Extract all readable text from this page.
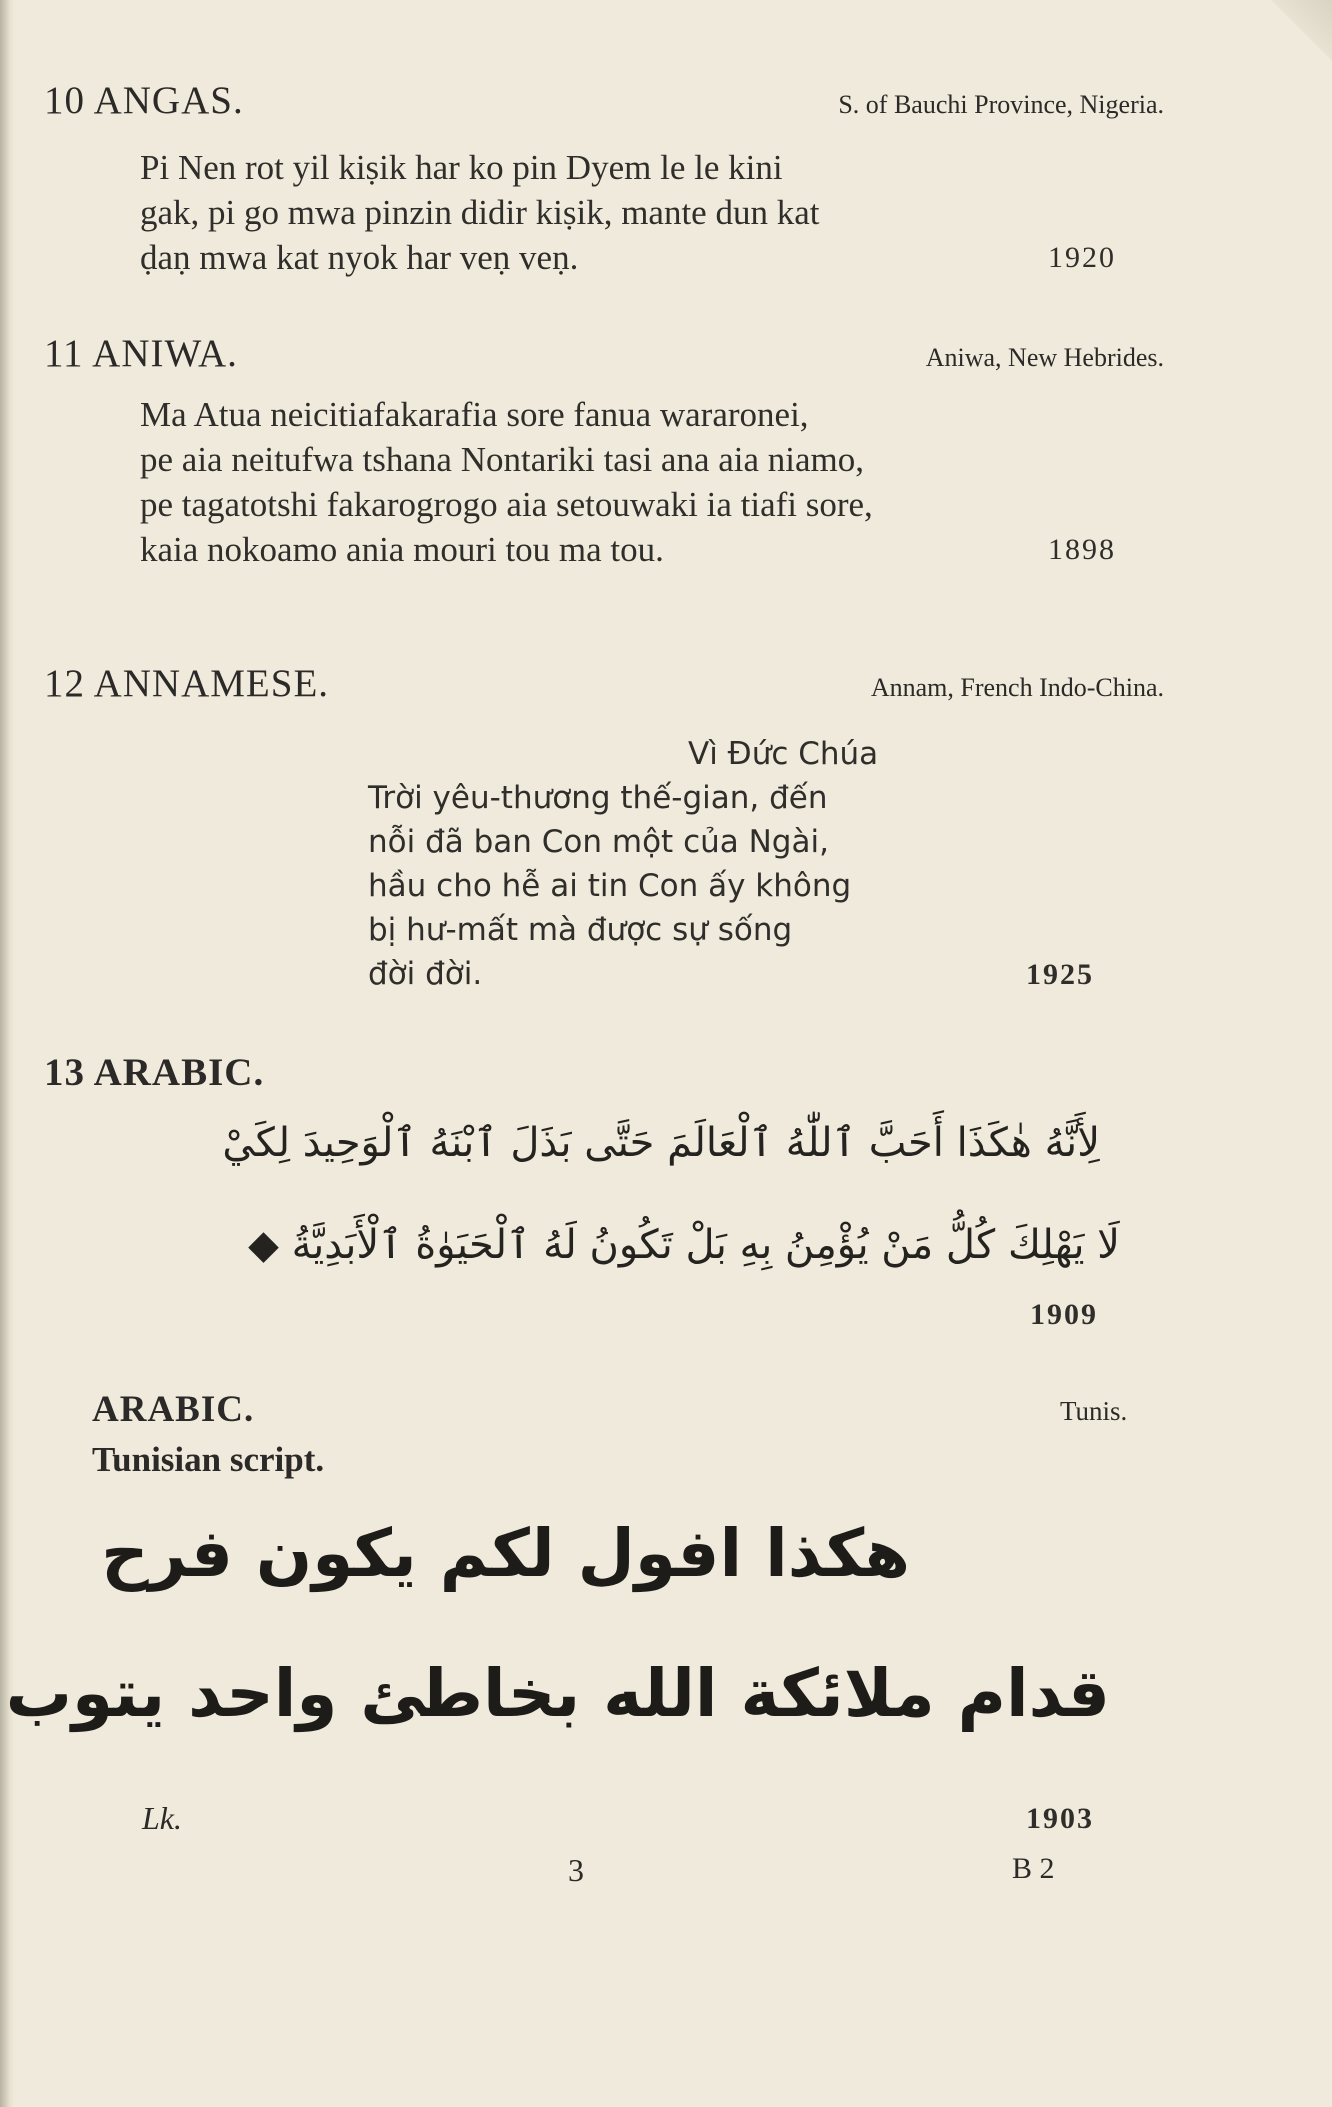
10 ANGAS.	S. of Bauchi Province, Nigeria.
Pi Nen rot yil kiṣik har ko pin Dyem le le kini
gak, pi go mwa pinzin didir kiṣik, mante dun kat
ḍaṇ mwa kat nyok har veṇ veṇ.	1920
11 ANIWA.	Aniwa, New Hebrides.
Ma Atua neicitiafakarafia sore fanua wararonei,
pe aia neitufwa tshana Nontariki tasi ana aia niamo,
pe tagatotshi fakarogrogo aia setouwaki ia tiafi sore,
kaia nokoamo ania mouri tou ma tou.	1898
12 ANNAMESE.	Annam, French Indo-China.
Vì Đức Chúa
Trời yêu-thương thế-gian, đến
nỗi đã ban Con một của Ngài,
hầu cho hễ ai tin Con ấy không
bị hư-mất mà được sự sống
đời đời.	1925
13 ARABIC.
لِأَنَّهُ هٰكَذَا أَحَبَّ ٱللّٰهُ ٱلْعَالَمَ حَتَّى بَذَلَ ٱبْنَهُ ٱلْوَحِيدَ لِكَيْ
لَا يَهْلِكَ كُلُّ مَنْ يُؤْمِنُ بِهِ بَلْ تَكُونُ لَهُ ٱلْحَيَوٰةُ ٱلْأَبَدِيَّةُ ◆
1909
ARABIC.	Tunis.
Tunisian script.
هكذا افول لكم يكون فرح
قدام ملائكة الله بخاطئ واحد يتوب
Lk.	1903
3	B 2
